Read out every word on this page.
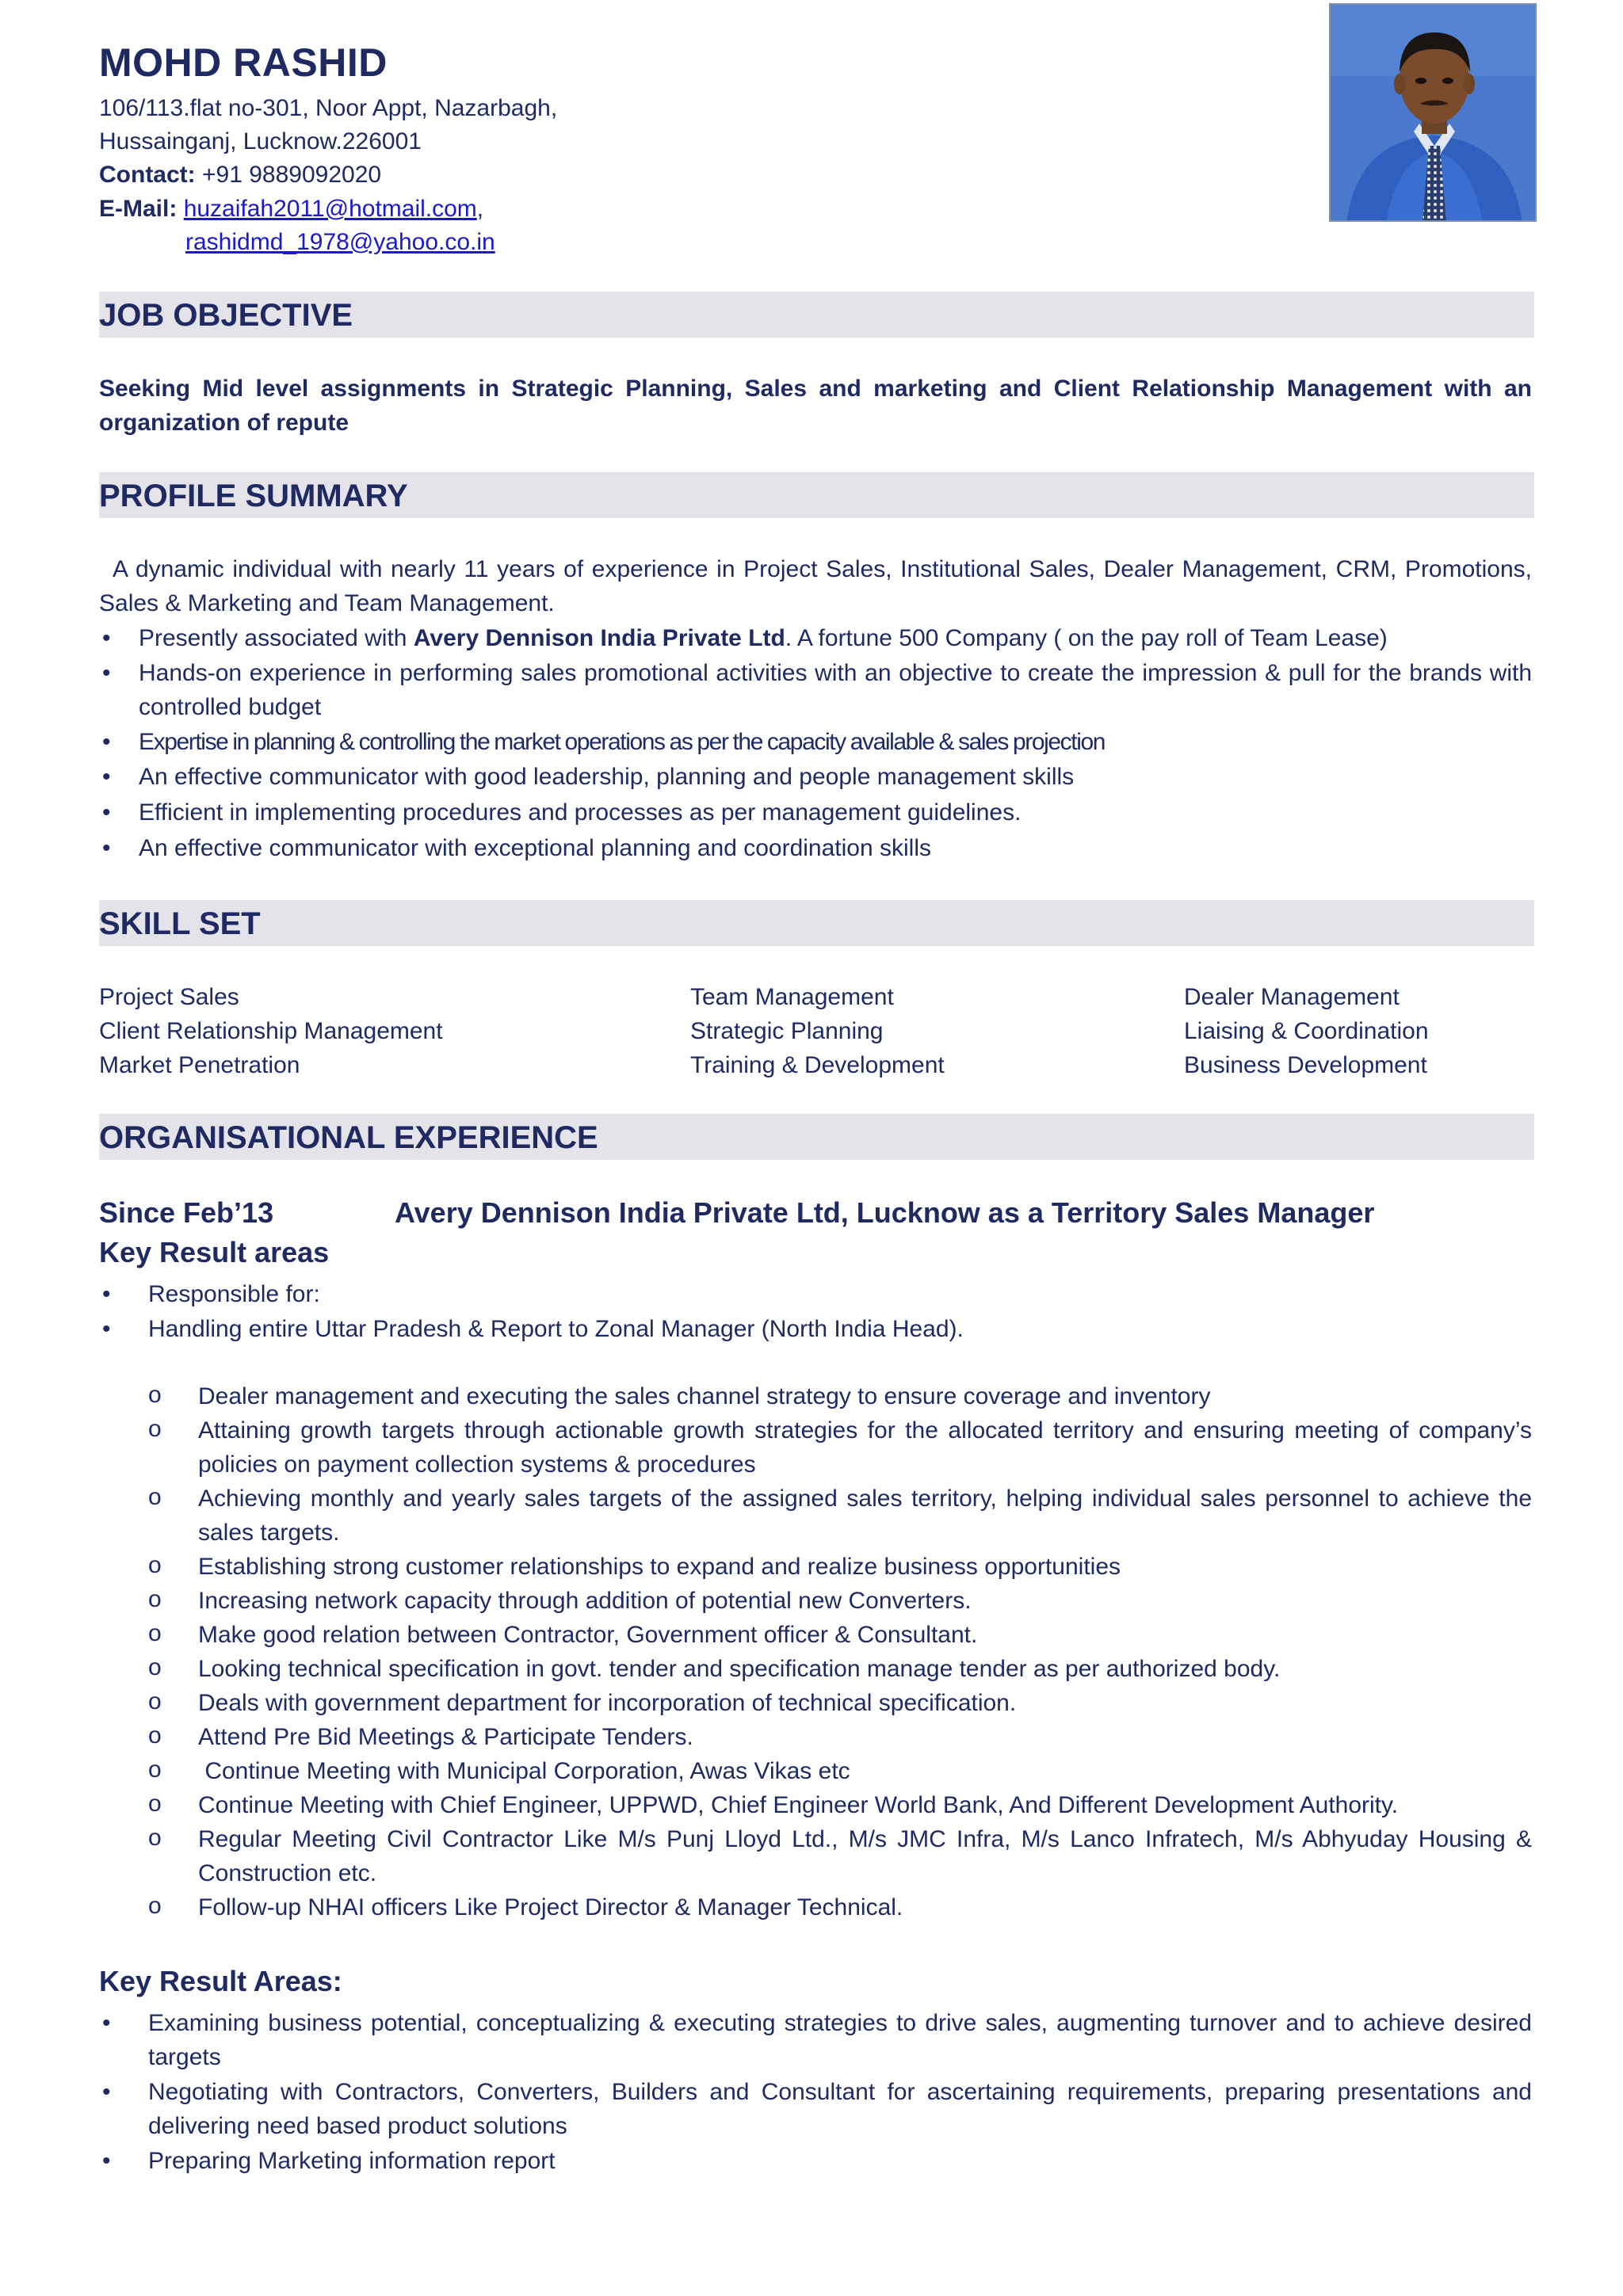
MOHD RASHID
106/113.flat no-301, Noor Appt, Nazarbagh,
Hussainganj, Lucknow.226001
Contact: +91 9889092020
E-Mail: huzaifah2011@hotmail.com,
rashidmd_1978@yahoo.co.in
JOB OBJECTIVE
Seeking Mid level assignments in Strategic Planning, Sales and marketing and Client Relationship Management with an organization of repute
PROFILE SUMMARY
A dynamic individual with nearly 11 years of experience in Project Sales, Institutional Sales, Dealer Management, CRM, Promotions, Sales & Marketing and Team Management.
• Presently associated with Avery Dennison India Private Ltd. A fortune 500 Company ( on the pay roll of Team Lease)
• Hands-on experience in performing sales promotional activities with an objective to create the impression & pull for the brands with controlled budget
• Expertise in planning & controlling the market operations as per the capacity available & sales projection
• An effective communicator with good leadership, planning and people management skills
• Efficient in implementing procedures and processes as per management guidelines.
• An effective communicator with exceptional planning and coordination skills
SKILL SET
Project Sales
Client Relationship Management
Market Penetration
Team Management
Strategic Planning
Training & Development
Dealer Management
Liaising & Coordination
Business Development
ORGANISATIONAL EXPERIENCE
Since Feb’13	Avery Dennison India Private Ltd, Lucknow as a Territory Sales Manager
Key Result areas
• Responsible for:
• Handling entire Uttar Pradesh & Report to Zonal Manager (North India Head).
o Dealer management and executing the sales channel strategy to ensure coverage and inventory
o Attaining growth targets through actionable growth strategies for the allocated territory and ensuring meeting of company’s policies on payment collection systems & procedures
o Achieving monthly and yearly sales targets of the assigned sales territory, helping individual sales personnel to achieve the sales targets.
o Establishing strong customer relationships to expand and realize business opportunities
o Increasing network capacity through addition of potential new Converters.
o Make good relation between Contractor, Government officer & Consultant.
o Looking technical specification in govt. tender and specification manage tender as per authorized body.
o Deals with government department for incorporation of technical specification.
o Attend Pre Bid Meetings & Participate Tenders.
o Continue Meeting with Municipal Corporation, Awas Vikas etc
o Continue Meeting with Chief Engineer, UPPWD, Chief Engineer World Bank, And Different Development Authority.
o Regular Meeting Civil Contractor Like M/s Punj Lloyd Ltd., M/s JMC Infra, M/s Lanco Infratech, M/s Abhyuday Housing & Construction etc.
o Follow-up NHAI officers Like Project Director & Manager Technical.
Key Result Areas:
• Examining business potential, conceptualizing & executing strategies to drive sales, augmenting turnover and to achieve desired targets
• Negotiating with Contractors, Converters, Builders and Consultant for ascertaining requirements, preparing presentations and delivering need based product solutions
• Preparing Marketing information report
